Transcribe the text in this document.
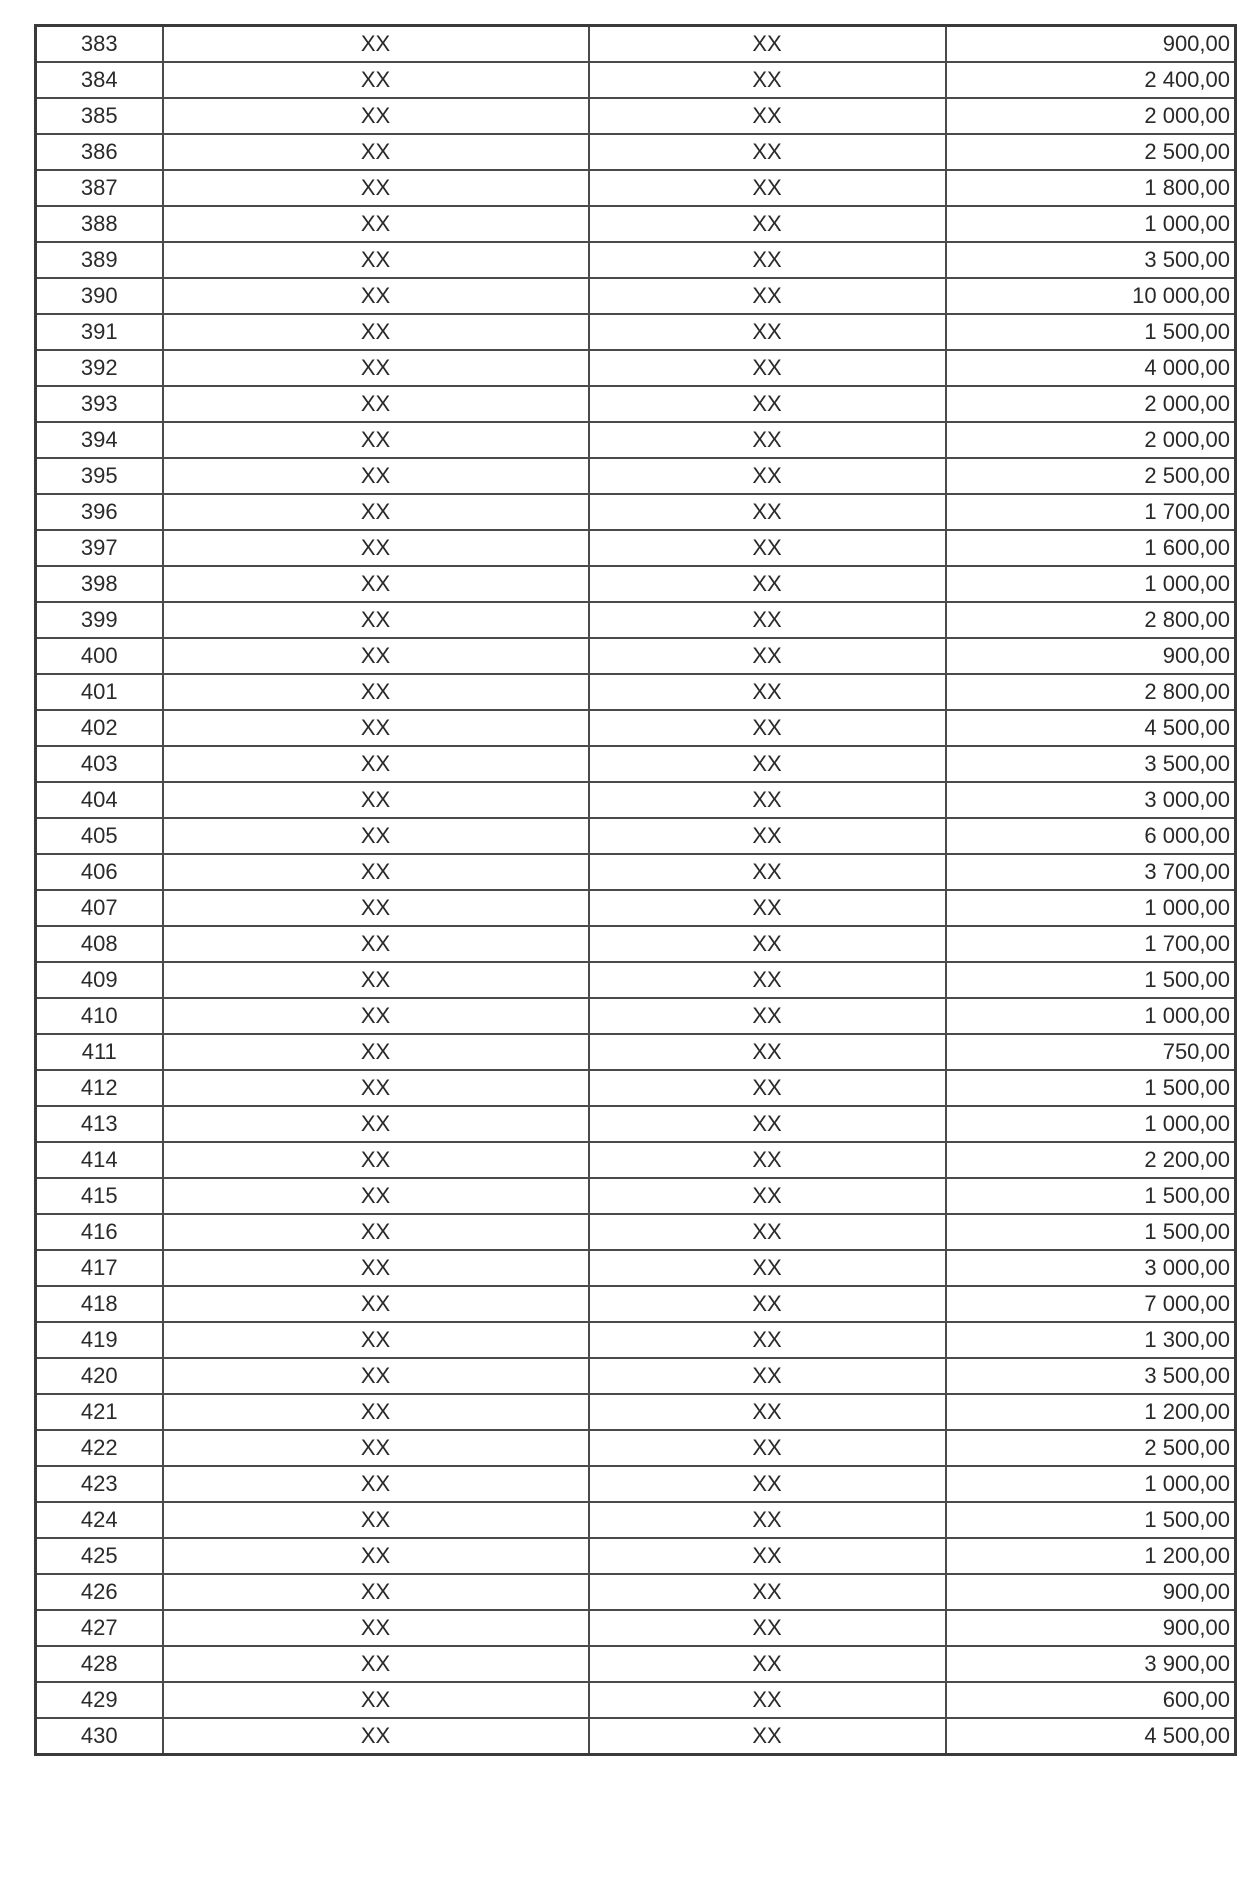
383	XX	XX	900,00
384	XX	XX	2 400,00
385	XX	XX	2 000,00
386	XX	XX	2 500,00
387	XX	XX	1 800,00
388	XX	XX	1 000,00
389	XX	XX	3 500,00
390	XX	XX	10 000,00
391	XX	XX	1 500,00
392	XX	XX	4 000,00
393	XX	XX	2 000,00
394	XX	XX	2 000,00
395	XX	XX	2 500,00
396	XX	XX	1 700,00
397	XX	XX	1 600,00
398	XX	XX	1 000,00
399	XX	XX	2 800,00
400	XX	XX	900,00
401	XX	XX	2 800,00
402	XX	XX	4 500,00
403	XX	XX	3 500,00
404	XX	XX	3 000,00
405	XX	XX	6 000,00
406	XX	XX	3 700,00
407	XX	XX	1 000,00
408	XX	XX	1 700,00
409	XX	XX	1 500,00
410	XX	XX	1 000,00
411	XX	XX	750,00
412	XX	XX	1 500,00
413	XX	XX	1 000,00
414	XX	XX	2 200,00
415	XX	XX	1 500,00
416	XX	XX	1 500,00
417	XX	XX	3 000,00
418	XX	XX	7 000,00
419	XX	XX	1 300,00
420	XX	XX	3 500,00
421	XX	XX	1 200,00
422	XX	XX	2 500,00
423	XX	XX	1 000,00
424	XX	XX	1 500,00
425	XX	XX	1 200,00
426	XX	XX	900,00
427	XX	XX	900,00
428	XX	XX	3 900,00
429	XX	XX	600,00
430	XX	XX	4 500,00
